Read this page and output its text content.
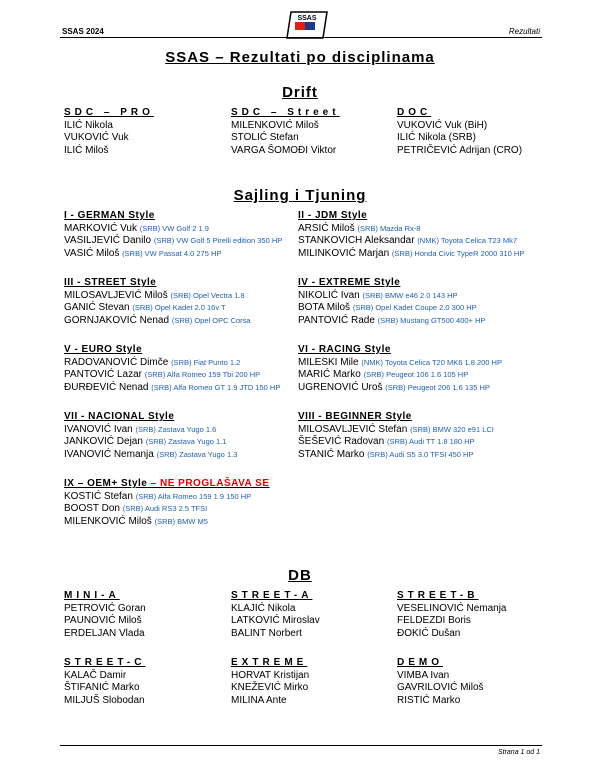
SSAS 2024
SSAS
Rezultati
SSAS – Rezultati po disciplinama
Drift
SDC – PRO
ILIĆ Nikola
VUKOVIĆ Vuk
ILIĆ Miloš
SDC – Street
MILENKOVIĆ Miloš
STOLIĆ Stefan
VARGA ŠOMOĐI Viktor
DOC
VUKOVIĆ Vuk (BiH)
ILIĆ Nikola (SRB)
PETRIČEVIĆ Adrijan (CRO)
Sajling i Tjuning
I - GERMAN Style
MARKOVIĆ Vuk (SRB) VW Golf 2 1.9
VASILJEVIĆ Danilo (SRB) VW Golf 5 Pirelli edition 350 HP
VASIĆ Miloš (SRB) VW Passat 4.0 275 HP
II - JDM Style
ARSIĆ Miloš (SRB) Mazda Rx-8
STANKOVICH Aleksandar (NMK) Toyota Celica T23 Mk7
MILINKOVIĆ Marjan (SRB) Honda Civic TypeR 2000 310 HP
III - STREET Style
MILOSAVLJEVIĆ Miloš (SRB) Opel Vectra 1.8
GANIĆ Stevan (SRB) Opel Kadet 2.0 16v T
GORNJAKOVIĆ Nenad (SRB) Opel OPC Corsa
IV - EXTREME Style
NIKOLIĆ Ivan (SRB) BMW e46 2.0 143 HP
BOTA Miloš (SRB) Opel Kadet Coupe 2.0 300 HP
PANTOVIĆ Rade (SRB) Mustang GT500 400+ HP
V - EURO Style
RADOVANOVIĆ Dimče (SRB) Fiat Punto 1.2
PANTOVIĆ Lazar (SRB) Alfa Romeo 159 Tbi 200 HP
ĐURĐEVIĆ Nenad (SRB) Alfa Romeo GT 1.9 JTD 150 HP
VI - RACING Style
MILESKI Mile (NMK) Toyota Celica T20 MK6 1.8 200 HP
MARIĆ Marko (SRB) Peugeot 106 1.6 105 HP
UGRENOVIĆ Uroš (SRB) Peugeot 206 1.6 135 HP
VII - NACIONAL Style
IVANOVIĆ Ivan (SRB) Zastava Yugo 1.6
JANKOVIĆ Dejan (SRB) Zastava Yugo 1.1
IVANOVIĆ Nemanja (SRB) Zastava Yugo 1.3
VIII - BEGINNER Style
MILOSAVLJEVIĆ Stefan (SRB) BMW 320 e91 LCI
ŠEŠEVIĆ Radovan (SRB) Audi TT 1.8 180 HP
STANIĆ Marko (SRB) Audi S5 3.0 TFSI 450 HP
IX – OEM+ Style – NE PROGLAŠAVA SE
KOSTIĆ Stefan (SRB) Alfa Romeo 159 1.9 150 HP
BOOST Don (SRB) Audi RS3 2.5 TFSI
MILENKOVIĆ Miloš (SRB) BMW M5
DB
MINI-A
PETROVIĆ Goran
PAUNOVIĆ Miloš
ERDELJAN Vlada
STREET-A
KLAJIĆ Nikola
LATKOVIĆ Miroslav
BALINT Norbert
STREET-B
VESELINOVIĆ Nemanja
FELDEZDI Boris
ĐOKIĆ Dušan
STREET-C
KALAČ Damir
ŠTIFANIĆ Marko
MILJUŠ Slobodan
EXTREME
HORVAT Kristijan
KNEŽEVIĆ Mirko
MILINA Ante
DEMO
VIMBA Ivan
GAVRILOVIĆ Miloš
RISTIĆ Marko
Strana 1 od 1
